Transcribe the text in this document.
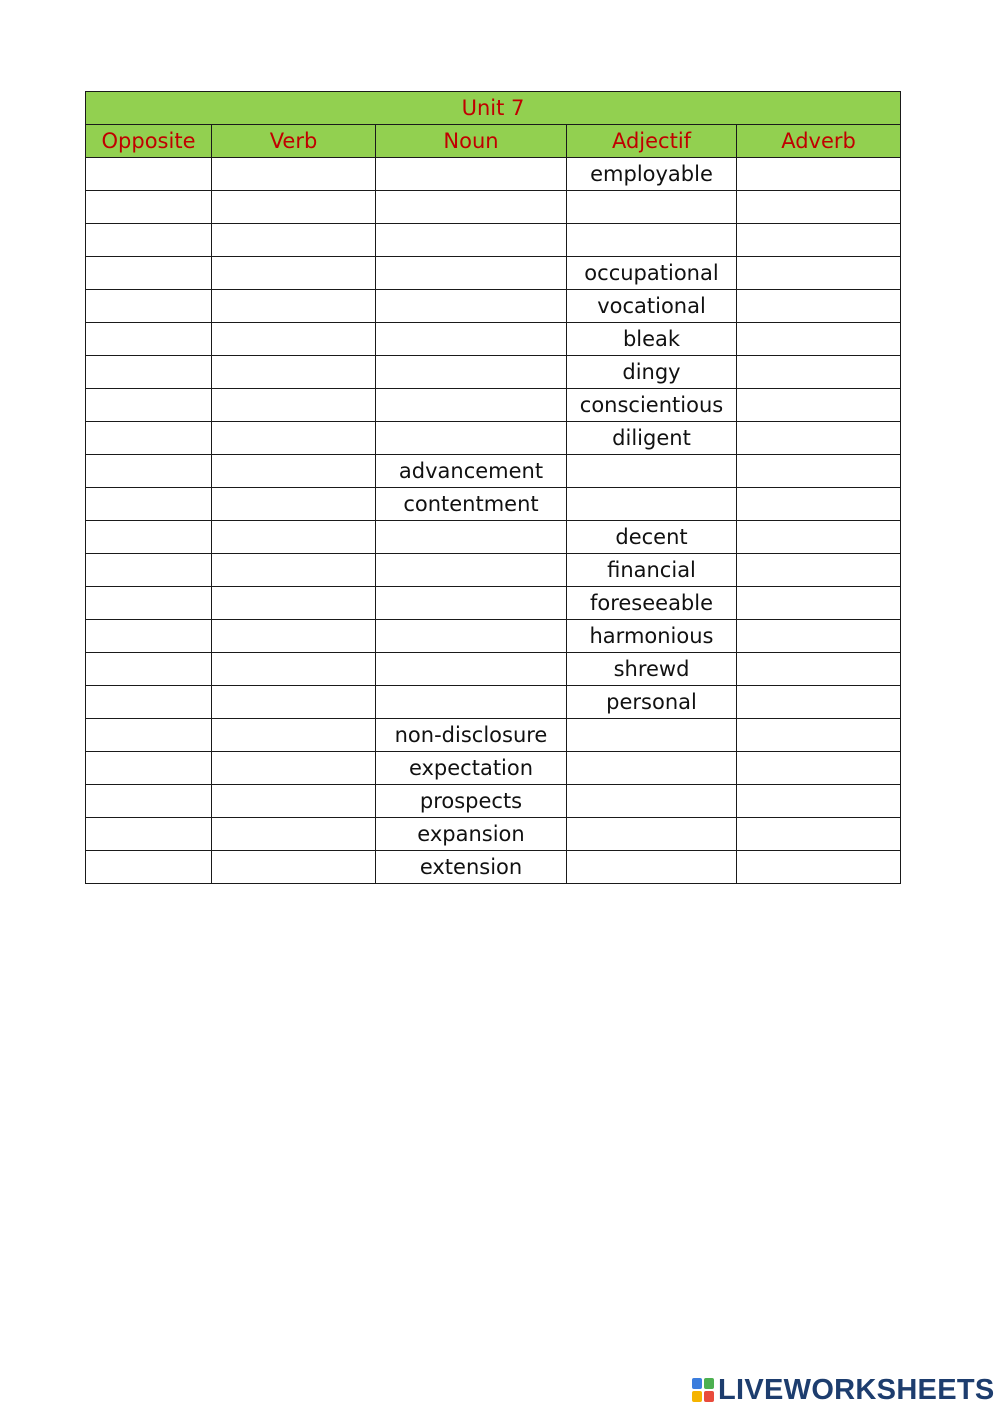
Unit 7				
Opposite	Verb	Noun	Adjectif	Adverb
			employable	

			occupational	
			vocational	
			bleak	
			dingy	
			conscientious	
			diligent	
		advancement		
		contentment		
			decent	
			financial	
			foreseeable	
			harmonious	
			shrewd	
			personal	
		non-disclosure		
		expectation		
		prospects		
		expansion		
		extension		
LIVEWORKSHEETS
